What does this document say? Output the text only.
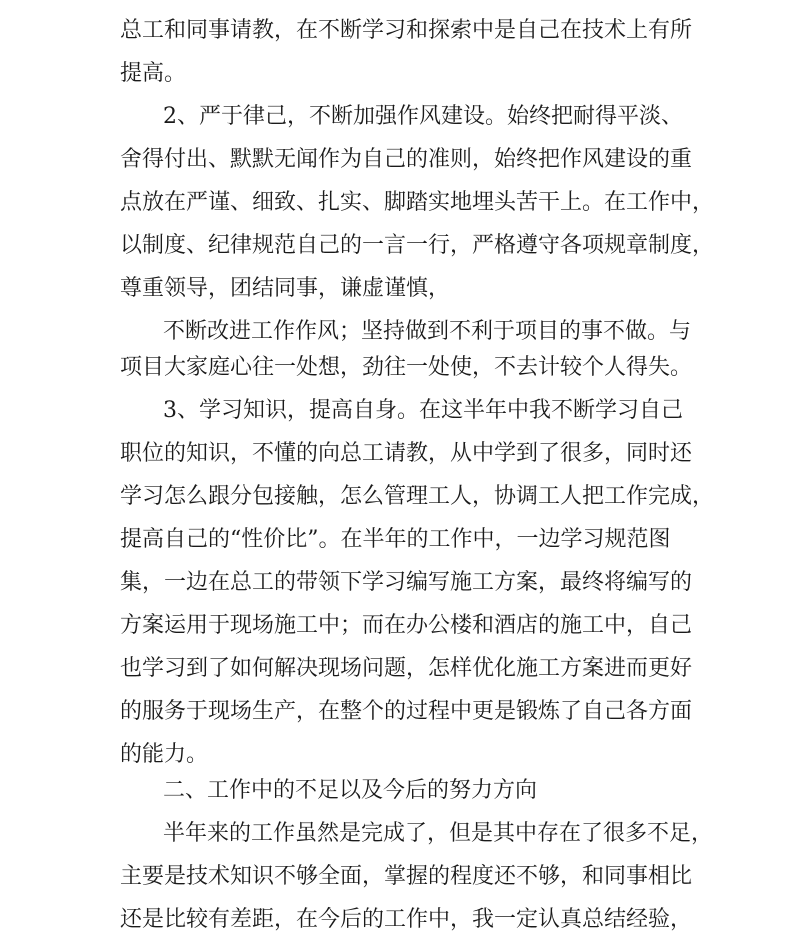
总工和同事请教，在不断学习和探索中是自己在技术上有所
提高。
2、严于律己，不断加强作风建设。始终把耐得平淡、
舍得付出、默默无闻作为自己的准则，始终把作风建设的重
点放在严谨、细致、扎实、脚踏实地埋头苦干上。在工作中，
以制度、纪律规范自己的一言一行，严格遵守各项规章制度，
尊重领导，团结同事，谦虚谨慎，
不断改进工作作风；坚持做到不利于项目的事不做。与
项目大家庭心往一处想，劲往一处使，不去计较个人得失。
3、学习知识，提高自身。在这半年中我不断学习自己
职位的知识，不懂的向总工请教，从中学到了很多，同时还
学习怎么跟分包接触，怎么管理工人，协调工人把工作完成，
提高自己的“性价比”。在半年的工作中，一边学习规范图
集，一边在总工的带领下学习编写施工方案，最终将编写的
方案运用于现场施工中；而在办公楼和酒店的施工中，自己
也学习到了如何解决现场问题，怎样优化施工方案进而更好
的服务于现场生产，在整个的过程中更是锻炼了自己各方面
的能力。
二、工作中的不足以及今后的努力方向
半年来的工作虽然是完成了，但是其中存在了很多不足，
主要是技术知识不够全面，掌握的程度还不够，和同事相比
还是比较有差距，在今后的工作中，我一定认真总结经验，
